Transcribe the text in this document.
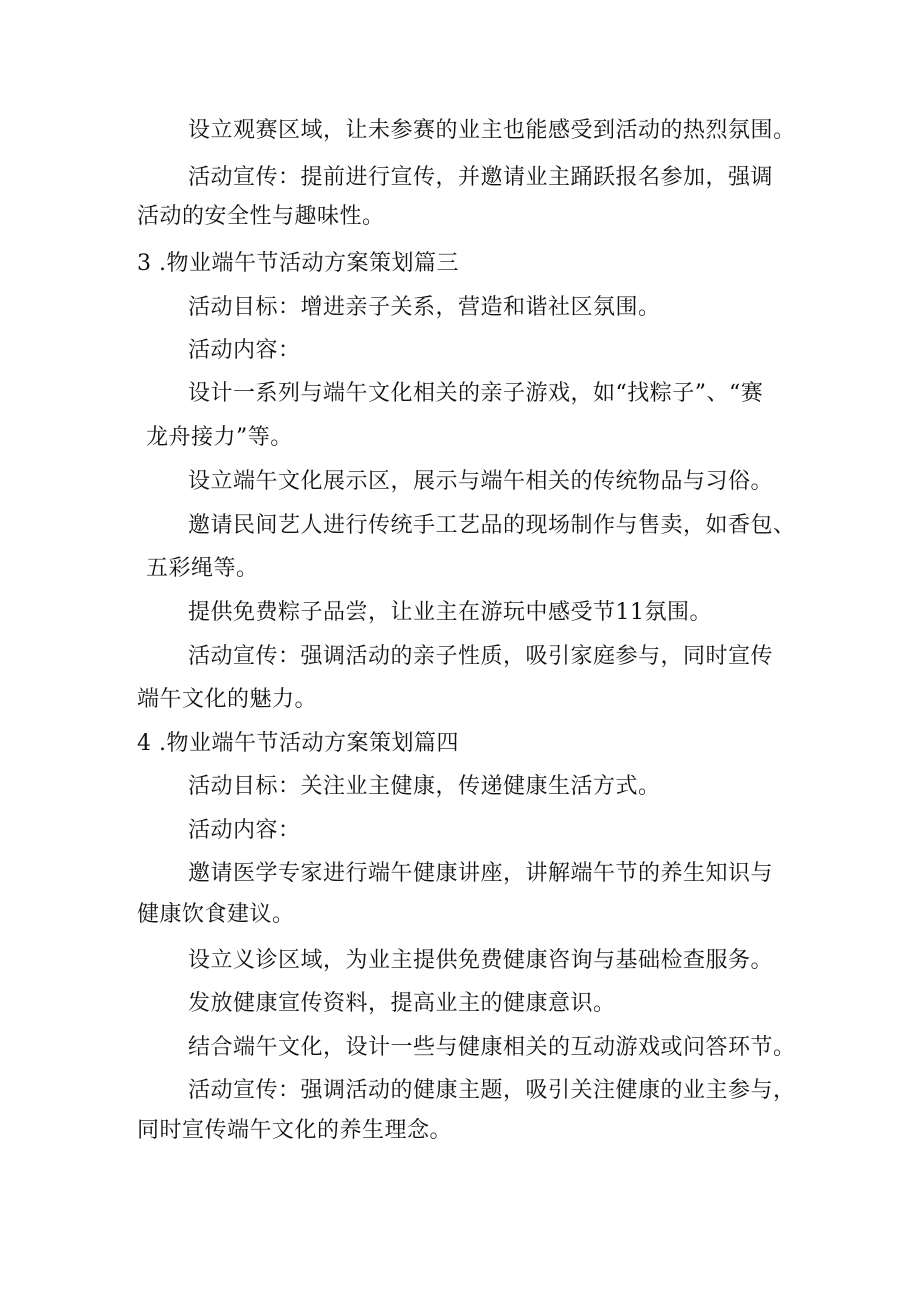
设立观赛区域，让未参赛的业主也能感受到活动的热烈氛围。
活动宣传：提前进行宣传，并邀请业主踊跃报名参加，强调
活动的安全性与趣味性。
3 .物业端午节活动方案策划篇三
活动目标：增进亲子关系，营造和谐社区氛围。
活动内容：
设计一系列与端午文化相关的亲子游戏，如“找粽子”、“赛
龙舟接力”等。
设立端午文化展示区，展示与端午相关的传统物品与习俗。
邀请民间艺人进行传统手工艺品的现场制作与售卖，如香包、
五彩绳等。
提供免费粽子品尝，让业主在游玩中感受节11氛围。
活动宣传：强调活动的亲子性质，吸引家庭参与，同时宣传
端午文化的魅力。
4 .物业端午节活动方案策划篇四
活动目标：关注业主健康，传递健康生活方式。
活动内容：
邀请医学专家进行端午健康讲座，讲解端午节的养生知识与
健康饮食建议。
设立义诊区域，为业主提供免费健康咨询与基础检查服务。
发放健康宣传资料，提高业主的健康意识。
结合端午文化，设计一些与健康相关的互动游戏或问答环节。
活动宣传：强调活动的健康主题，吸引关注健康的业主参与，
同时宣传端午文化的养生理念。
